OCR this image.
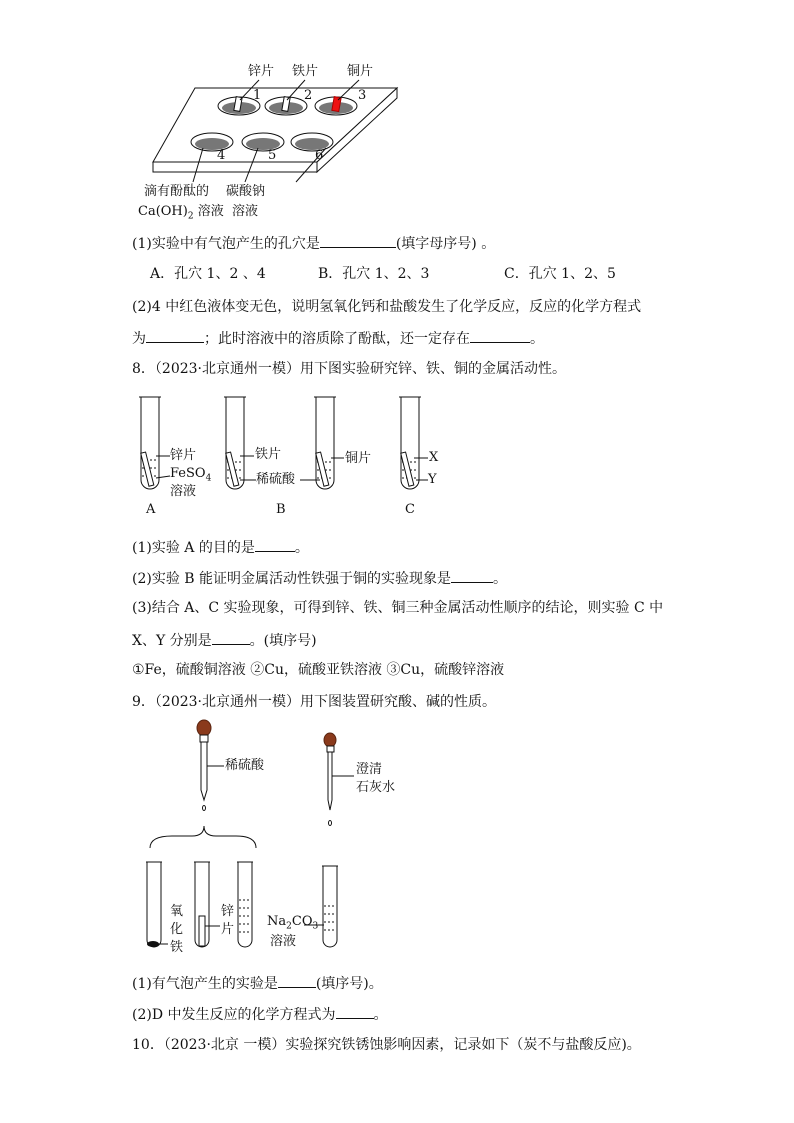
锌片 铁片 铜片
1	2	3
4	5	6
滴有酚酞的
$Ca(OH)_2$ 溶液
碳酸钠
溶液
(1)实验中有气泡产生的孔穴是	(填字母序号) 。
A．孔穴 1、2 、4	B．孔穴 1、2、3	C．孔穴 1、2、5
(2)4 中红色液体变无色，说明氢氧化钙和盐酸发生了化学反应，反应的化学方程式
为	；此时溶液中的溶质除了酚酞，还一定存在	。
8．（2023·北京通州一模）用下图实验研究锌、铁、铜的金属活动性。
锌片
FeSO$_4$
溶液
铁片
稀硫酸
铜片	X
Y
A	B	C
(1)实验 A 的目的是	。
(2)实验 B 能证明金属活动性铁强于铜的实验现象是	。
(3)结合 A、C 实验现象，可得到锌、铁、铜三种金属活动性顺序的结论，则实验 C 中
X、Y 分别是	。(填序号)
①Fe，硫酸铜溶液 ②Cu，硫酸亚铁溶液 ③Cu，硫酸锌溶液
9．（2023·北京通州一模）用下图装置研究酸、碱的性质。
稀硫酸	澄清
石灰水
氧
化
铁
锌
片
$Na_2CO_3$
溶液
(1)有气泡产生的实验是	(填序号)。
(2)D 中发生反应的化学方程式为	。
10．（2023·北京 一模）实验探究铁锈蚀影响因素，记录如下（炭不与盐酸反应)。
